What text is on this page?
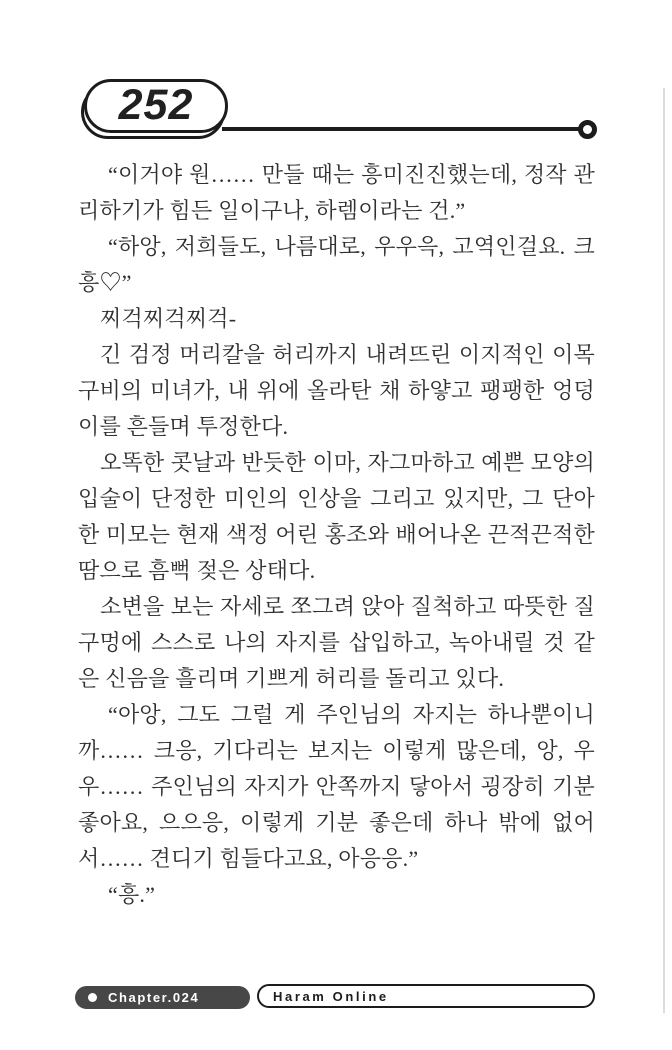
252

“이거야 원…… 만들 때는 흥미진진했는데, 정작 관리하기가 힘든 일이구나, 하렘이라는 건.”

“하앙, 저희들도, 나름대로, 우우윽, 고역인걸요. 크흥♡”

찌걱찌걱찌걱-

긴 검정 머리칼을 허리까지 내려뜨린 이지적인 이목구비의 미녀가, 내 위에 올라탄 채 하얗고 팽팽한 엉덩이를 흔들며 투정한다.

오똑한 콧날과 반듯한 이마, 자그마하고 예쁜 모양의 입술이 단정한 미인의 인상을 그리고 있지만, 그 단아한 미모는 현재 색정 어린 홍조와 배어나온 끈적끈적한 땀으로 흠뻑 젖은 상태다.

소변을 보는 자세로 쪼그려 앉아 질척하고 따뜻한 질구멍에 스스로 나의 자지를 삽입하고, 녹아내릴 것 같은 신음을 흘리며 기쁘게 허리를 돌리고 있다.

“아앙, 그도 그럴 게 주인님의 자지는 하나뿐이니까…… 크응, 기다리는 보지는 이렇게 많은데, 앙, 우우…… 주인님의 자지가 안쪽까지 닿아서 굉장히 기분 좋아요, 으으응, 이렇게 기분 좋은데 하나 밖에 없어서…… 견디기 힘들다고요, 아응응.”

“흥.”

Chapter.024	Haram Online
